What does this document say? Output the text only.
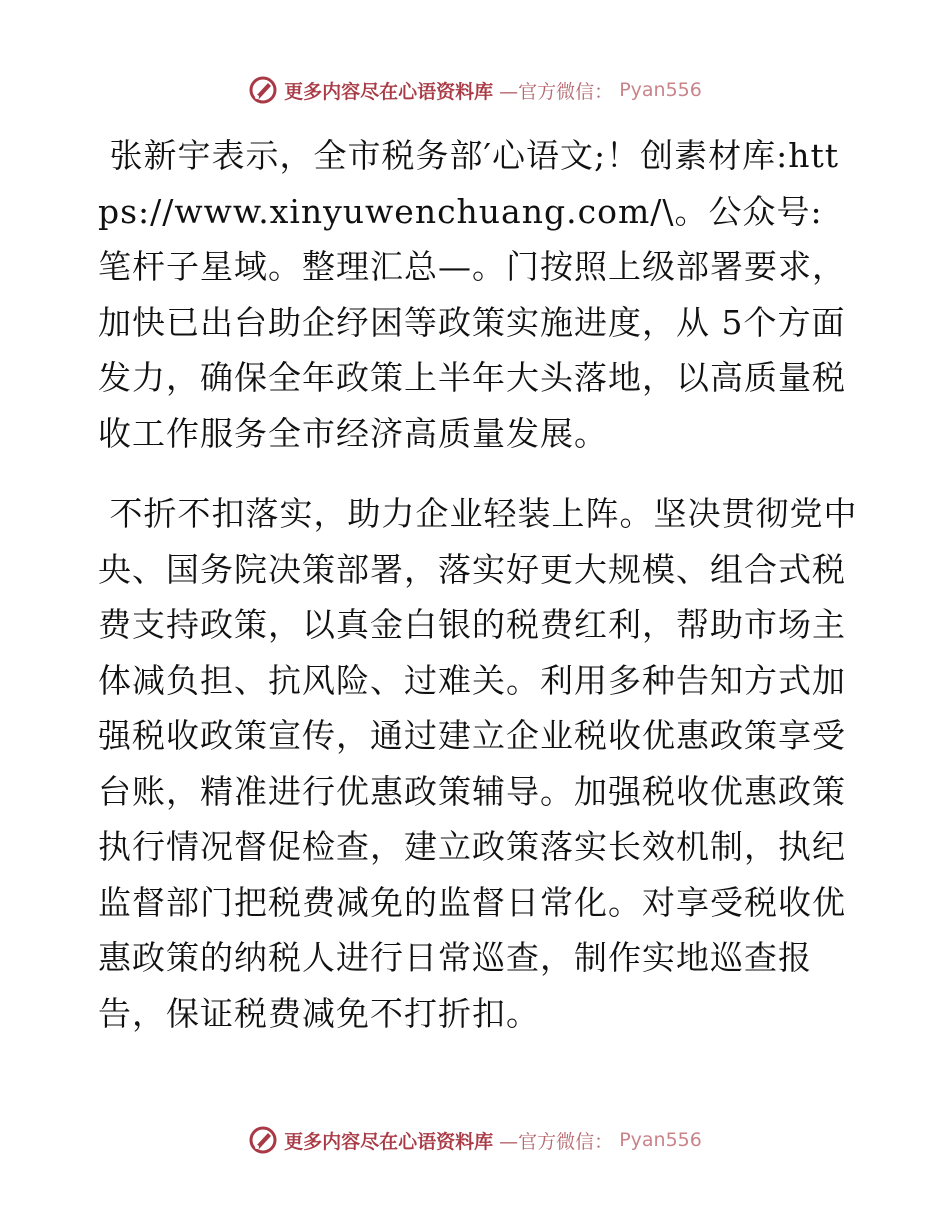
更多内容尽在心语资料库 —官方微信： Pyan556

张新宇表示，全市税务部′心语文;！创素材库:https://www.xinyuwenchuang.com/\。公众号: 笔杆子星域。整理汇总—。门按照上级部署要求，加快已出台助企纾困等政策实施进度，从 5个方面发力，确保全年政策上半年大头落地，以高质量税收工作服务全市经济高质量发展。

不折不扣落实，助力企业轻装上阵。坚决贯彻党中央、国务院决策部署，落实好更大规模、组合式税费支持政策，以真金白银的税费红利，帮助市场主体减负担、抗风险、过难关。利用多种告知方式加强税收政策宣传，通过建立企业税收优惠政策享受台账，精准进行优惠政策辅导。加强税收优惠政策执行情况督促检查，建立政策落实长效机制，执纪监督部门把税费减免的监督日常化。对享受税收优惠政策的纳税人进行日常巡查，制作实地巡查报告，保证税费减免不打折扣。

更多内容尽在心语资料库 —官方微信： Pyan556
